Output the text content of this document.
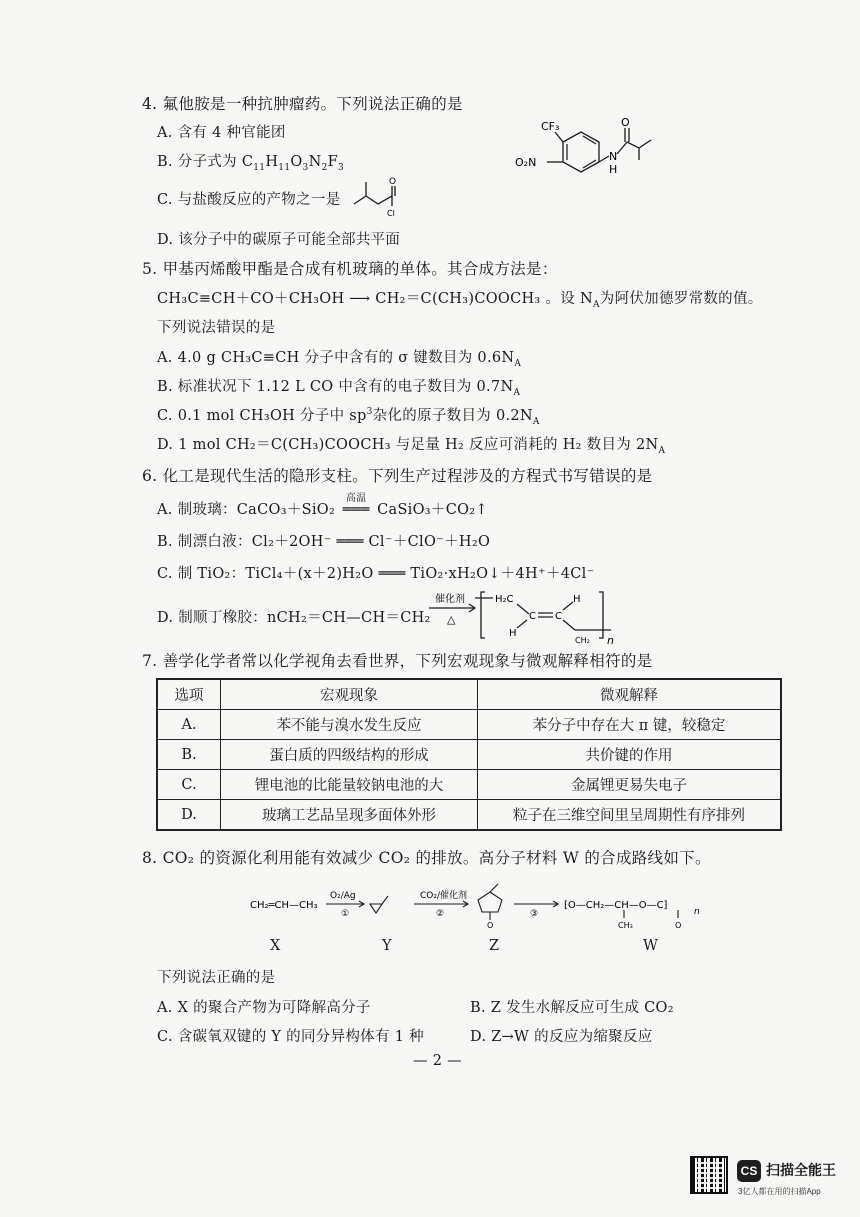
4. 氟他胺是一种抗肿瘤药。下列说法正确的是
A. 含有 4 种官能团
B. 分子式为 $C_{11}H_{11}O_3N_2F_3$
C. 与盐酸反应的产物之一是
O
Cl
D. 该分子中的碳原子可能全部共平面
CF₃	O
O₂N	N
H
5. 甲基丙烯酸甲酯是合成有机玻璃的单体。其合成方法是：
CH₃C≡CH＋CO＋CH₃OH ⟶ CH₂＝C(CH₃)COOCH₃ 。设 $N_A$为阿伏加德罗常数的值。
下列说法错误的是
A. 4.0 g CH₃C≡CH 分子中含有的 σ 键数目为 $0.6N_A$
B. 标准状况下 1.12 L CO 中含有的电子数目为 $0.7N_A$
C. 0.1 mol CH₃OH 分子中 $sp^3$杂化的原子数目为 $0.2N_A$
D. 1 mol CH₂＝C(CH₃)COOCH₃ 与足量 H₂ 反应可消耗的 H₂ 数目为 $2N_A$
6. 化工是现代生活的隐形支柱。下列生产过程涉及的方程式书写错误的是
A. 制玻璃：CaCO₃＋SiO₂
高温
═══ CaSiO₃＋CO₂↑
B. 制漂白液：Cl₂＋2OH⁻ ═══ Cl⁻＋ClO⁻＋H₂O
C. 制 TiO₂：TiCl₄＋(x＋2)H₂O ═══ TiO₂·xH₂O↓＋4H⁺＋4Cl⁻
D. 制顺丁橡胶：nCH₂＝CH—CH＝CH₂
催化剂
△
H₂C
C C
H
H
CH₂ n
7. 善学化学者常以化学视角去看世界，下列宏观现象与微观解释相符的是
选项	宏观现象	微观解释
A.	苯不能与溴水发生反应	苯分子中存在大 π 键，较稳定
B.	蛋白质的四级结构的形成	共价键的作用
C.	锂电池的比能量较钠电池的大	金属锂更易失电子
D.	玻璃工艺品呈现多面体外形	粒子在三维空间里呈周期性有序排列
8. CO₂ 的资源化利用能有效减少 CO₂ 的排放。高分子材料 W 的合成路线如下。
CH₂═CH—CH₃
O₂/Ag
①
CO₂/催化剂
②
O
③
⁅O—CH₂—CH—O—C⁆
CH₃	O
n
X	Y	Z	W
下列说法正确的是
A. X 的聚合产物为可降解高分子	B. Z 发生水解反应可生成 CO₂
C. 含碳氧双键的 Y 的同分异构体有 1 种	D. Z→W 的反应为缩聚反应
— 2 —
CS 扫描全能王
3亿人都在用的扫描App
